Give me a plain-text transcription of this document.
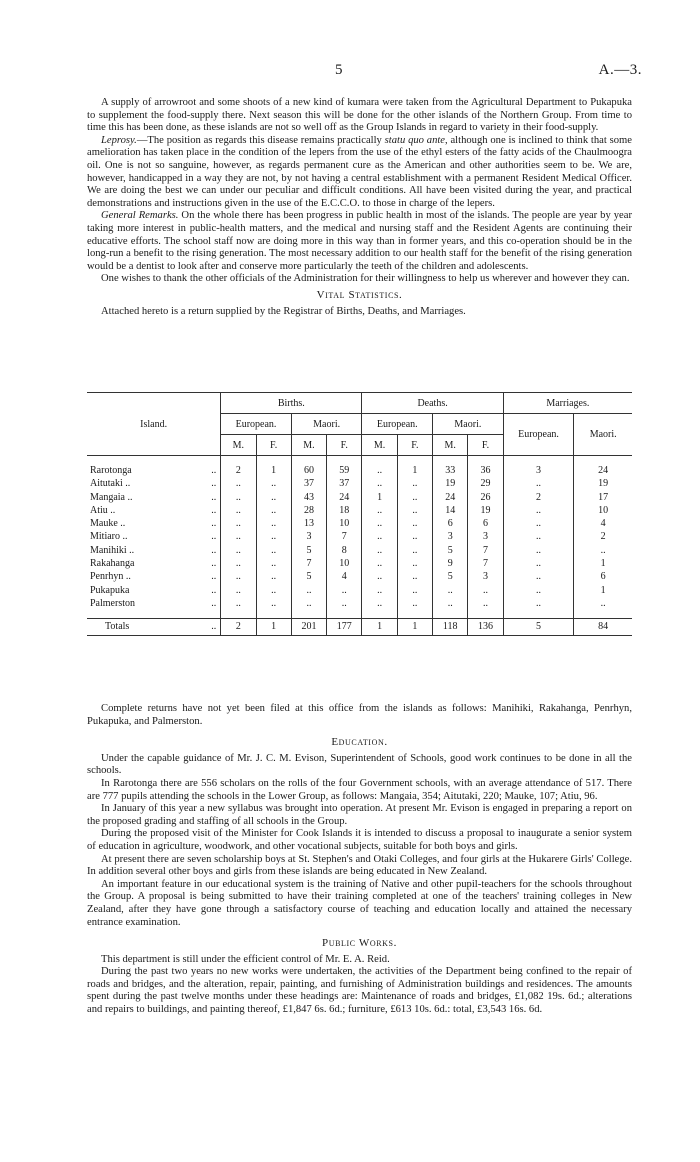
5	A.—3.

A supply of arrowroot and some shoots of a new kind of kumara were taken from the Agricultural Department to Pukapuka to supplement the food-supply there. Next season this will be done for the other islands of the Northern Group. From time to time this has been done, as these islands are not so well off as the Group Islands in regard to variety in their food-supply.

Leprosy.—The position as regards this disease remains practically statu quo ante, although one is inclined to think that some amelioration has taken place in the condition of the lepers from the use of the ethyl esters of the fatty acids of the Chaulmoogra oil. One is not so sanguine, however, as regards permanent cure as the American and other authorities seem to be. We are, however, handicapped in a way they are not, by not having a central establishment with a permanent Resident Medical Officer. We are doing the best we can under our peculiar and difficult conditions. All have been visited during the year, and practical demonstrations and instructions given in the use of the E.C.C.O. to those in charge of the lepers.

General Remarks. On the whole there has been progress in public health in most of the islands. The people are year by year taking more interest in public-health matters, and the medical and nursing staff and the Resident Agents are continuing their educative efforts. The school staff now are doing more in this way than in former years, and this co-operation should be in the long-run a benefit to the rising generation. The most necessary addition to our health staff for the benefit of the rising generation would be a dentist to look after and conserve more particularly the teeth of the children and adolescents.

One wishes to thank the other officials of the Administration for their willingness to help us wherever and however they can.

Vital Statistics.

Attached hereto is a return supplied by the Registrar of Births, Deaths, and Marriages.

Island.		Births.				Deaths.				Marriages.	
		European.		Maori.		European.		Maori.		European.	Maori.
		M.	F.	M.	F.	M.	F.	M.	F.		

Rarotonga	..	2	1	60	59	..	1	33	36	3	24
Aitutaki ..	..	..	..	37	37	..	..	19	29	..	19
Mangaia ..	..	..	..	43	24	1	..	24	26	2	17
Atiu ..	..	..	..	28	18	..	..	14	19	..	10
Mauke ..	..	..	..	13	10	..	..	6	6	..	4
Mitiaro ..	..	..	..	3	7	..	..	3	3	..	2
Manihiki ..	..	..	..	5	8	..	..	5	7	..	..
Rakahanga	..	..	..	7	10	..	..	9	7	..	1
Penrhyn ..	..	..	..	5	4	..	..	5	3	..	6
Pukapuka	..	..	..	..	..	..	..	..	..	..	1
Palmerston	..	..	..	..	..	..	..	..	..	..	..

Totals	..	2	1	201	177	1	1	118	136	5	84

Complete returns have not yet been filed at this office from the islands as follows: Manihiki, Rakahanga, Penrhyn, Pukapuka, and Palmerston.

Education.

Under the capable guidance of Mr. J. C. M. Evison, Superintendent of Schools, good work continues to be done in all the schools.

In Rarotonga there are 556 scholars on the rolls of the four Government schools, with an average attendance of 517. There are 777 pupils attending the schools in the Lower Group, as follows: Mangaia, 354; Aitutaki, 220; Mauke, 107; Atiu, 96.

In January of this year a new syllabus was brought into operation. At present Mr. Evison is engaged in preparing a report on the proposed grading and staffing of all schools in the Group.

During the proposed visit of the Minister for Cook Islands it is intended to discuss a proposal to inaugurate a senior system of education in agriculture, woodwork, and other vocational subjects, suitable for both boys and girls.

At present there are seven scholarship boys at St. Stephen's and Otaki Colleges, and four girls at the Hukarere Girls' College. In addition several other boys and girls from these islands are being educated in New Zealand.

An important feature in our educational system is the training of Native and other pupil-teachers for the schools throughout the Group. A proposal is being submitted to have their training completed at one of the teachers' training colleges in New Zealand, after they have gone through a satisfactory course of teaching and education locally and attained the necessary entrance examination.

Public Works.

This department is still under the efficient control of Mr. E. A. Reid.

During the past two years no new works were undertaken, the activities of the Department being confined to the repair of roads and bridges, and the alteration, repair, painting, and furnishing of Administration buildings and residences. The amounts spent during the past twelve months under these headings are: Maintenance of roads and bridges, £1,082 19s. 6d.; alterations and repairs to buildings, and painting thereof, £1,847 6s. 6d.; furniture, £613 10s. 6d.: total, £3,543 16s. 6d.
